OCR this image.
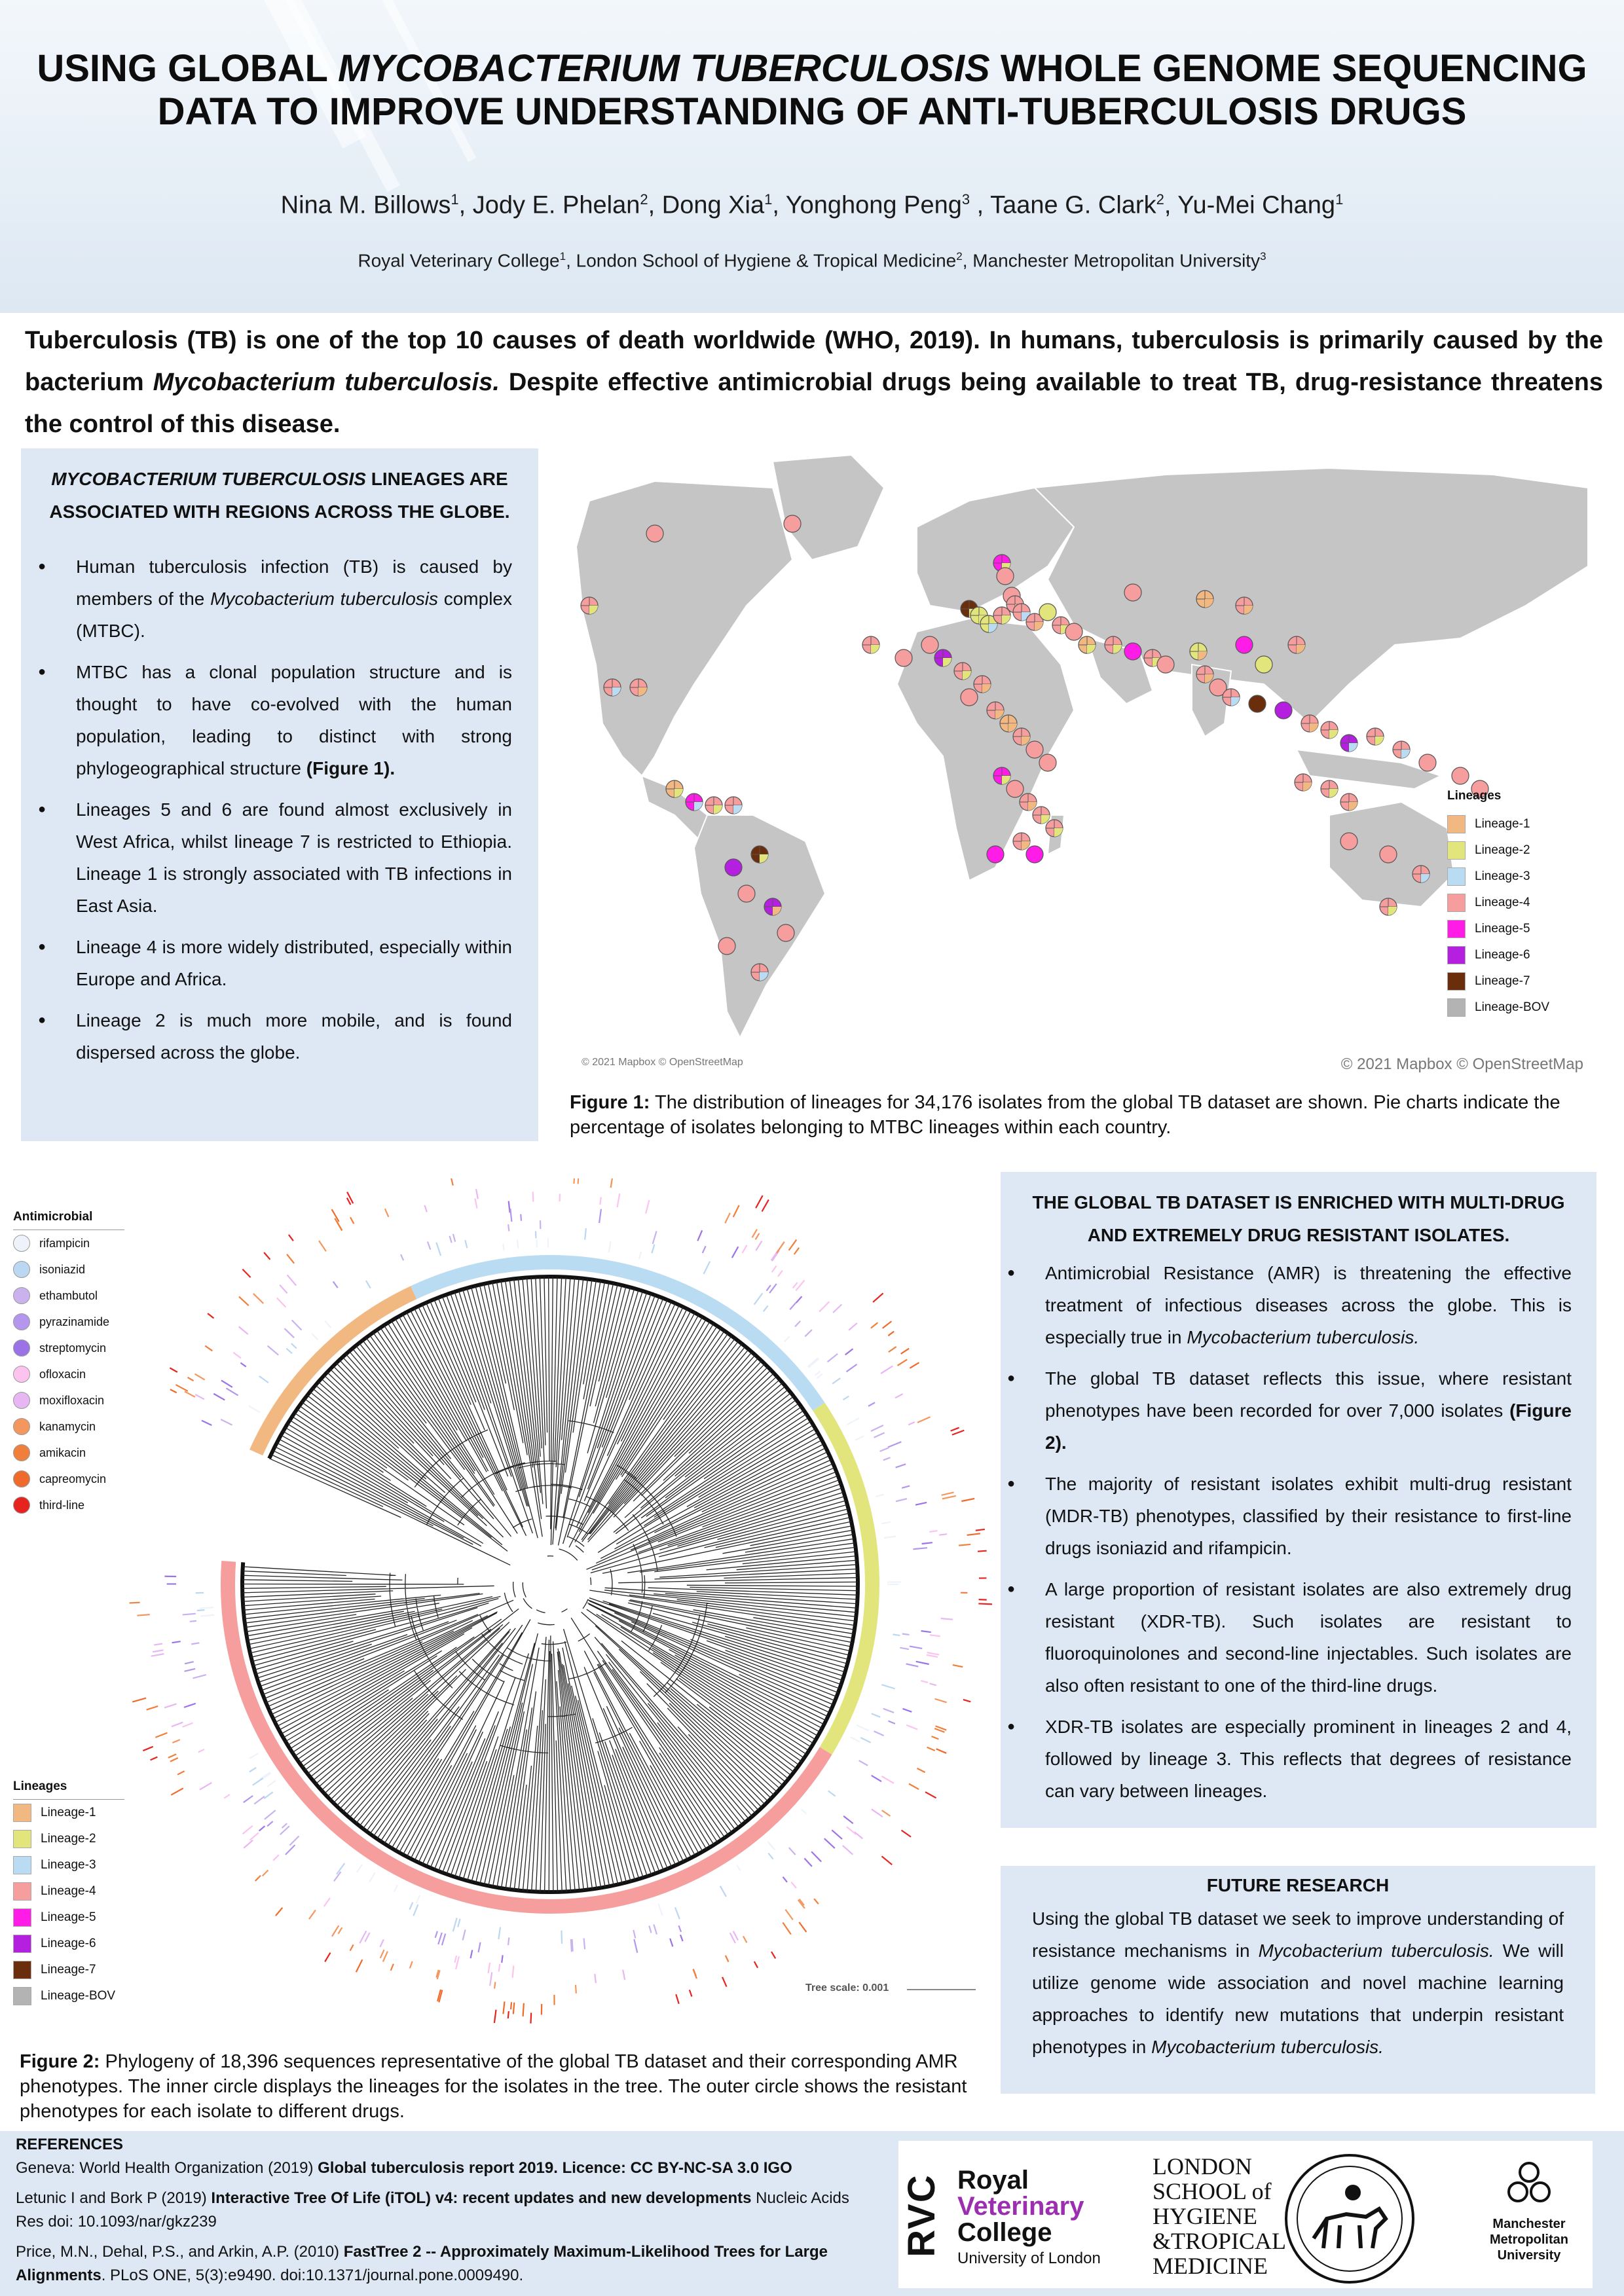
USING GLOBAL MYCOBACTERIUM TUBERCULOSIS WHOLE GENOME SEQUENCING
DATA TO IMPROVE UNDERSTANDING OF ANTI-TUBERCULOSIS DRUGS
Nina M. Billows$^1$, Jody E. Phelan$^2$, Dong Xia$^1$, Yonghong Peng$^3$ , Taane G. Clark$^2$, Yu-Mei Chang$^1$
Royal Veterinary College$^1$, London School of Hygiene & Tropical Medicine$^2$, Manchester Metropolitan University$^3$
Tuberculosis (TB) is one of the top 10 causes of death worldwide (WHO, 2019). In humans, tuberculosis is primarily caused by the bacterium Mycobacterium tuberculosis. Despite effective antimicrobial drugs being available to treat TB, drug-resistance threatens the control of this disease.
MYCOBACTERIUM TUBERCULOSIS LINEAGES ARE
ASSOCIATED WITH REGIONS ACROSS THE GLOBE.
● Human tuberculosis infection (TB) is caused by members of the Mycobacterium tuberculosis complex (MTBC).
● MTBC has a clonal population structure and is thought to have co-evolved with the human population, leading to distinct with strong phylogeographical structure (Figure 1).
● Lineages 5 and 6 are found almost exclusively in West Africa, whilst lineage 7 is restricted to Ethiopia. Lineage 1 is strongly associated with TB infections in East Asia.
● Lineage 4 is more widely distributed, especially within Europe and Africa.
● Lineage 2 is much more mobile, and is found dispersed across the globe.	© 2021 Mapbox © OpenStreetMap	© 2021 Mapbox © OpenStreetMap
Lineages
Lineage-1
Lineage-2
Lineage-3
Lineage-4
Lineage-5
Lineage-6
Lineage-7
Lineage-BOV
Figure 1: The distribution of lineages for 34,176 isolates from the global TB dataset are shown. Pie charts indicate the percentage of isolates belonging to MTBC lineages within each country.
Antimicrobial
rifampicin
isoniazid
ethambutol
pyrazinamide
streptomycin
ofloxacin
moxifloxacin
kanamycin
amikacin
capreomycin
third-line
Lineages
Lineage-1
Lineage-2
Lineage-3
Lineage-4
Lineage-5
Lineage-6
Lineage-7
Lineage-BOV
Tree scale: 0.001
Figure 2: Phylogeny of 18,396 sequences representative of the global TB dataset and their corresponding AMR phenotypes. The inner circle displays the lineages for the isolates in the tree. The outer circle shows the resistant phenotypes for each isolate to different drugs.
THE GLOBAL TB DATASET IS ENRICHED WITH MULTI-DRUG
AND EXTREMELY DRUG RESISTANT ISOLATES.
● Antimicrobial Resistance (AMR) is threatening the effective treatment of infectious diseases across the globe. This is especially true in Mycobacterium tuberculosis.
● The global TB dataset reflects this issue, where resistant phenotypes have been recorded for over 7,000 isolates (Figure 2).
● The majority of resistant isolates exhibit multi-drug resistant (MDR-TB) phenotypes, classified by their resistance to first-line drugs isoniazid and rifampicin.
● A large proportion of resistant isolates are also extremely drug resistant (XDR-TB). Such isolates are resistant to fluoroquinolones and second-line injectables. Such isolates are also often resistant to one of the third-line drugs.
● XDR-TB isolates are especially prominent in lineages 2 and 4, followed by lineage 3. This reflects that degrees of resistance can vary between lineages.
FUTURE RESEARCH
Using the global TB dataset we seek to improve understanding of resistance mechanisms in Mycobacterium tuberculosis. We will utilize genome wide association and novel machine learning approaches to identify new mutations that underpin resistant phenotypes in Mycobacterium tuberculosis.
REFERENCES
Geneva: World Health Organization (2019) Global tuberculosis report 2019. Licence: CC BY-NC-SA 3.0 IGO
Letunic I and Bork P (2019) Interactive Tree Of Life (iTOL) v4: recent updates and new developments Nucleic Acids Res doi: 10.1093/nar/gkz239
Price, M.N., Dehal, P.S., and Arkin, A.P. (2010) FastTree 2 -- Approximately Maximum-Likelihood Trees for Large Alignments. PLoS ONE, 5(3):e9490. doi:10.1371/journal.pone.0009490.
RVC Royal
Veterinary
College
University of London
LONDON
SCHOOL of
HYGIENE
&TROPICAL
MEDICINE
Manchester
Metropolitan
University
